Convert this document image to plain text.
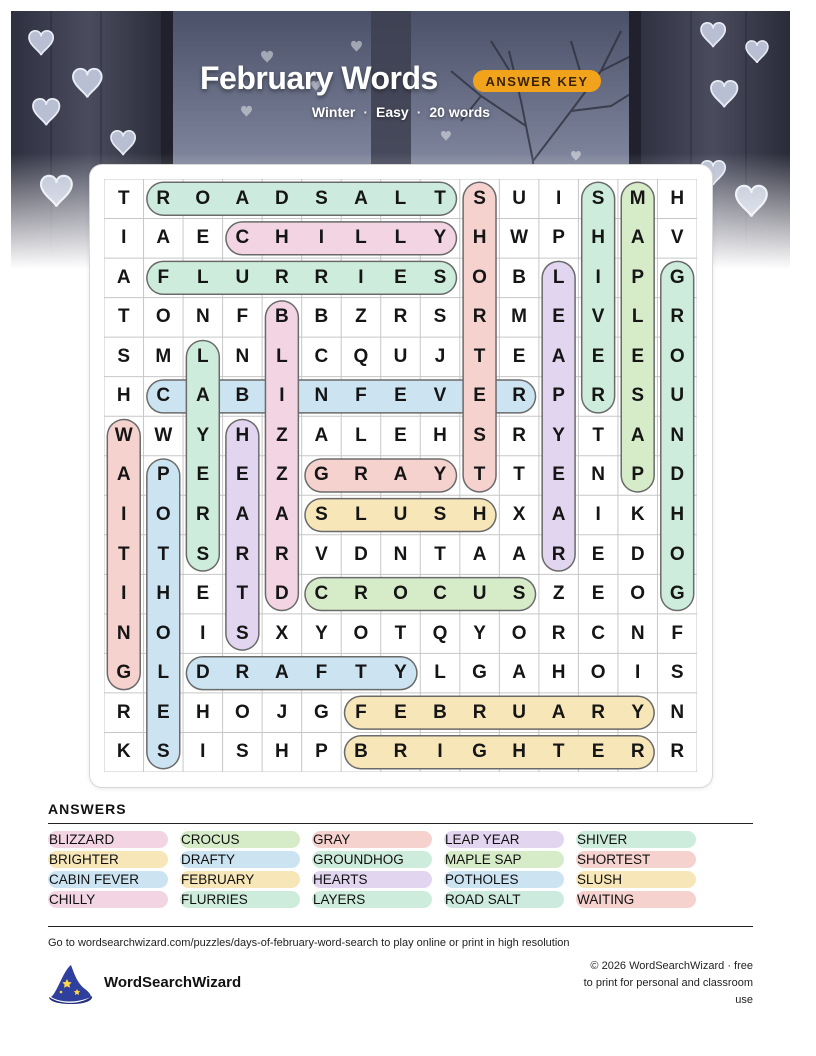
February Words	ANSWER KEY
Winter · Easy · 20 words
T	R	O	A	D	S	A	L	T	S	U	I	S	M	H
I	A	E	C	H	I	L	L	Y	H	W	P	H	A	V
A	F	L	U	R	R	I	E	S	O	B	L	I	P	G
T	O	N	F	B	B	Z	R	S	R	M	E	V	L	R
S	M	L	N	L	C	Q	U	J	T	E	A	E	E	O
H	C	A	B	I	N	F	E	V	E	R	P	R	S	U
W	W	Y	H	Z	A	L	E	H	S	R	Y	T	A	N
A	P	E	E	Z	G	R	A	Y	T	T	E	N	P	D
I	O	R	A	A	S	L	U	S	H	X	A	I	K	H
T	T	S	R	R	V	D	N	T	A	A	R	E	D	O
I	H	E	T	D	C	R	O	C	U	S	Z	E	O	G
N	O	I	S	X	Y	O	T	Q	Y	O	R	C	N	F
G	L	D	R	A	F	T	Y	L	G	A	H	O	I	S
R	E	H	O	J	G	F	E	B	R	U	A	R	Y	N
K	S	I	S	H	P	B	R	I	G	H	T	E	R	R
ANSWERS
BLIZZARD
BRIGHTER
CABIN FEVER
CHILLY
CROCUS
DRAFTY
FEBRUARY
FLURRIES
GRAY
GROUNDHOG
HEARTS
LAYERS
LEAP YEAR
MAPLE SAP
POTHOLES
ROAD SALT
SHIVER
SHORTEST
SLUSH
WAITING
Go to wordsearchwizard.com/puzzles/days-of-february-word-search to play online or print in high resolution
WordSearchWizard
© 2026 WordSearchWizard · free to print for personal and classroom use
